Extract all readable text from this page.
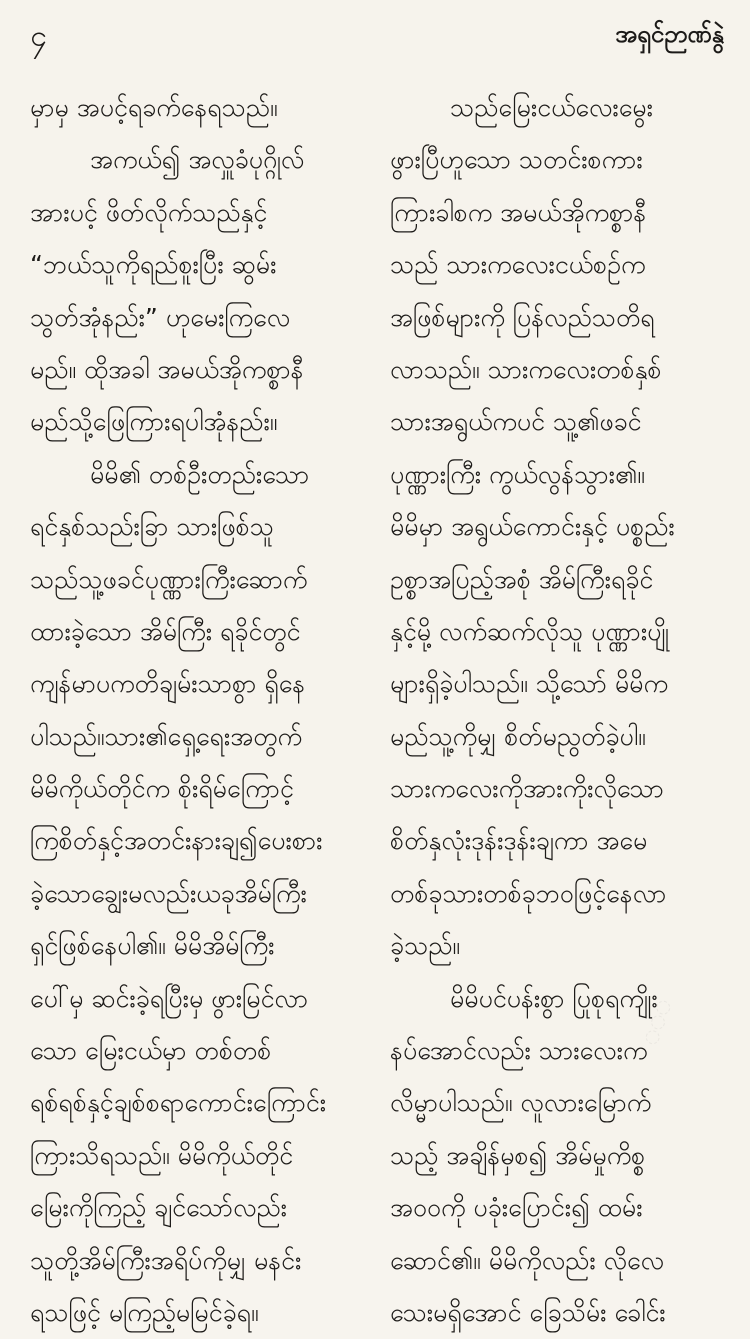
၄	အရှင်ဉာဏ်နွဲ
မှာမှ အပင့်ရခက်နေရသည်။
အကယ်၍ အလှူခံပုဂ္ဂိုလ်
အားပင့် ဖိတ်လိုက်သည်နှင့်
“ဘယ်သူကိုရည်စူးပြီး ဆွမ်း
သွတ်အုံနည်း” ဟုမေးကြလေ
မည်။ ထိုအခါ အမယ်အိုကစ္စာနီ
မည်သို့ဖြေကြားရပါအုံနည်း။
မိမိ၏ တစ်ဦးတည်းသော
ရင်နှစ်သည်းခြာ သားဖြစ်သူ
သည်သူ့ဖခင်ပုဏ္ဏားကြီးဆောက်
ထားခဲ့သော အိမ်ကြီး ရခိုင်တွင်
ကျန်မာပကတိချမ်းသာစွာ ရှိနေ
ပါသည်။သား၏ရှေ့ရေးအတွက်
မိမိကိုယ်တိုင်က စိုးရိမ်ကြောင့်
ကြစိတ်နှင့်အတင်းနားချ၍ပေးစား
ခဲ့သောချွေးမလည်းယခုအိမ်ကြီး
ရှင်ဖြစ်နေပါ၏။ မိမိအိမ်ကြီး
ပေါ်မှ ဆင်းခဲ့ရပြီးမှ ဖွားမြင်လာ
သော မြေးငယ်မှာ တစ်တစ်
ရစ်ရစ်နှင့်ချစ်စရာကောင်းကြောင်း
ကြားသိရသည်။ မိမိကိုယ်တိုင်
မြေးကိုကြည့် ချင်သော်လည်း
သူတို့အိမ်ကြီးအရိပ်ကိုမျှ မနင်း
ရသဖြင့် မကြည့်မမြင်ခဲ့ရ။
သည်မြေးငယ်လေးမွေး
ဖွားပြီဟူသော သတင်းစကား
ကြားခါစက အမယ်အိုကစ္စာနီ
သည် သားကလေးငယ်စဉ်က
အဖြစ်များကို ပြန်လည်သတိရ
လာသည်။ သားကလေးတစ်နှစ်
သားအရွယ်ကပင် သူ့၏ဖခင်
ပုဏ္ဏားကြီး ကွယ်လွန်သွား၏။
မိမိမှာ အရွယ်ကောင်းနှင့် ပစ္စည်း
ဥစ္စာအပြည့်အစုံ အိမ်ကြီးရခိုင်
နှင့်မို့ လက်ဆက်လိုသူ ပုဏ္ဏားပျို
များရှိခဲ့ပါသည်။ သို့သော် မိမိက
မည်သူ့ကိုမျှ စိတ်မညွတ်ခဲ့ပါ။
သားကလေးကိုအားကိုးလိုသော
စိတ်နှလုံးဒုန်းဒုန်းချကာ အမေ
တစ်ခုသားတစ်ခုဘဝဖြင့်နေလာ
ခဲ့သည်။
မိမိပင်ပန်းစွာ ပြုစုရကျိုး
နပ်အောင်လည်း သားလေးက
လိမ္မာပါသည်။ လူလားမြောက်
သည့် အချိန်မှစ၍ အိမ်မှုကိစ္စ
အဝဝကို ပခုံးပြောင်း၍ ထမ်း
ဆောင်၏။ မိမိကိုလည်း လိုလေ
သေးမရှိအောင် ခြေသိမ်း ခေါင်း
◌◌◌
